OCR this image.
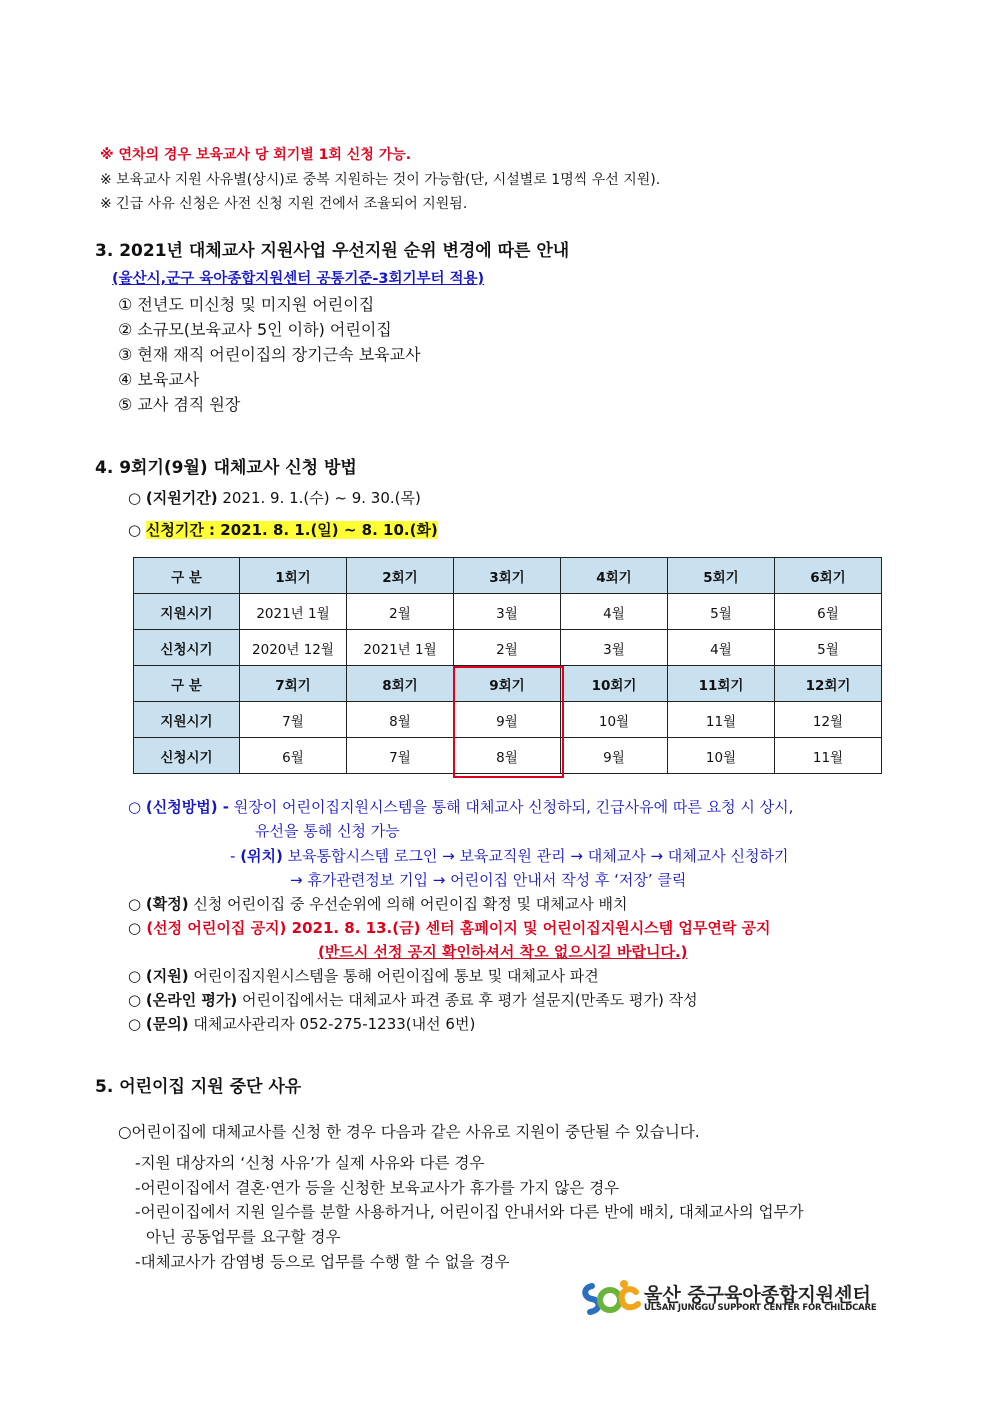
※ 연차의 경우 보육교사 당 회기별 1회 신청 가능.
※ 보육교사 지원 사유별(상시)로 중복 지원하는 것이 가능함(단, 시설별로 1명씩 우선 지원).
※ 긴급 사유 신청은 사전 신청 지원 건에서 조율되어 지원됨.
3. 2021년 대체교사 지원사업 우선지원 순위 변경에 따른 안내
(울산시,군구 육아종합지원센터 공통기준-3회기부터 적용)
① 전년도 미신청 및 미지원 어린이집
② 소규모(보육교사 5인 이하) 어린이집
③ 현재 재직 어린이집의 장기근속 보육교사
④ 보육교사
⑤ 교사 겸직 원장
4. 9회기(9월) 대체교사 신청 방법
○ (지원기간) 2021. 9. 1.(수) ~ 9. 30.(목)
○ 신청기간 : 2021. 8. 1.(일) ~ 8. 10.(화)
구 분	1회기	2회기	3회기	4회기	5회기	6회기
지원시기	2021년 1월	2월	3월	4월	5월	6월
신청시기	2020년 12월	2021년 1월	2월	3월	4월	5월
구 분	7회기	8회기	9회기	10회기	11회기	12회기
지원시기	7월	8월	9월	10월	11월	12월
신청시기	6월	7월	8월	9월	10월	11월
○ (신청방법) - 원장이 어린이집지원시스템을 통해 대체교사 신청하되, 긴급사유에 따른 요청 시 상시,
유선을 통해 신청 가능
- (위치) 보육통합시스템 로그인 → 보육교직원 관리 → 대체교사 → 대체교사 신청하기
→ 휴가관련정보 기입 → 어린이집 안내서 작성 후 ‘저장’ 클릭
○ (확정) 신청 어린이집 중 우선순위에 의해 어린이집 확정 및 대체교사 배치
○ (선정 어린이집 공지) 2021. 8. 13.(금) 센터 홈페이지 및 어린이집지원시스템 업무연락 공지
(반드시 선정 공지 확인하셔서 착오 없으시길 바랍니다.)
○ (지원) 어린이집지원시스템을 통해 어린이집에 통보 및 대체교사 파견
○ (온라인 평가) 어린이집에서는 대체교사 파견 종료 후 평가 설문지(만족도 평가) 작성
○ (문의) 대체교사관리자 052-275-1233(내선 6번)
5. 어린이집 지원 중단 사유
○어린이집에 대체교사를 신청 한 경우 다음과 같은 사유로 지원이 중단될 수 있습니다.
-지원 대상자의 ‘신청 사유’가 실제 사유와 다른 경우
-어린이집에서 결혼·연가 등을 신청한 보육교사가 휴가를 가지 않은 경우
-어린이집에서 지원 일수를 분할 사용하거나, 어린이집 안내서와 다른 반에 배치, 대체교사의 업무가
아닌 공동업무를 요구할 경우
-대체교사가 감염병 등으로 업무를 수행 할 수 없을 경우
울산 중구육아종합지원센터
ULSAN JUNGGU SUPPORT CENTER FOR CHILDCARE
